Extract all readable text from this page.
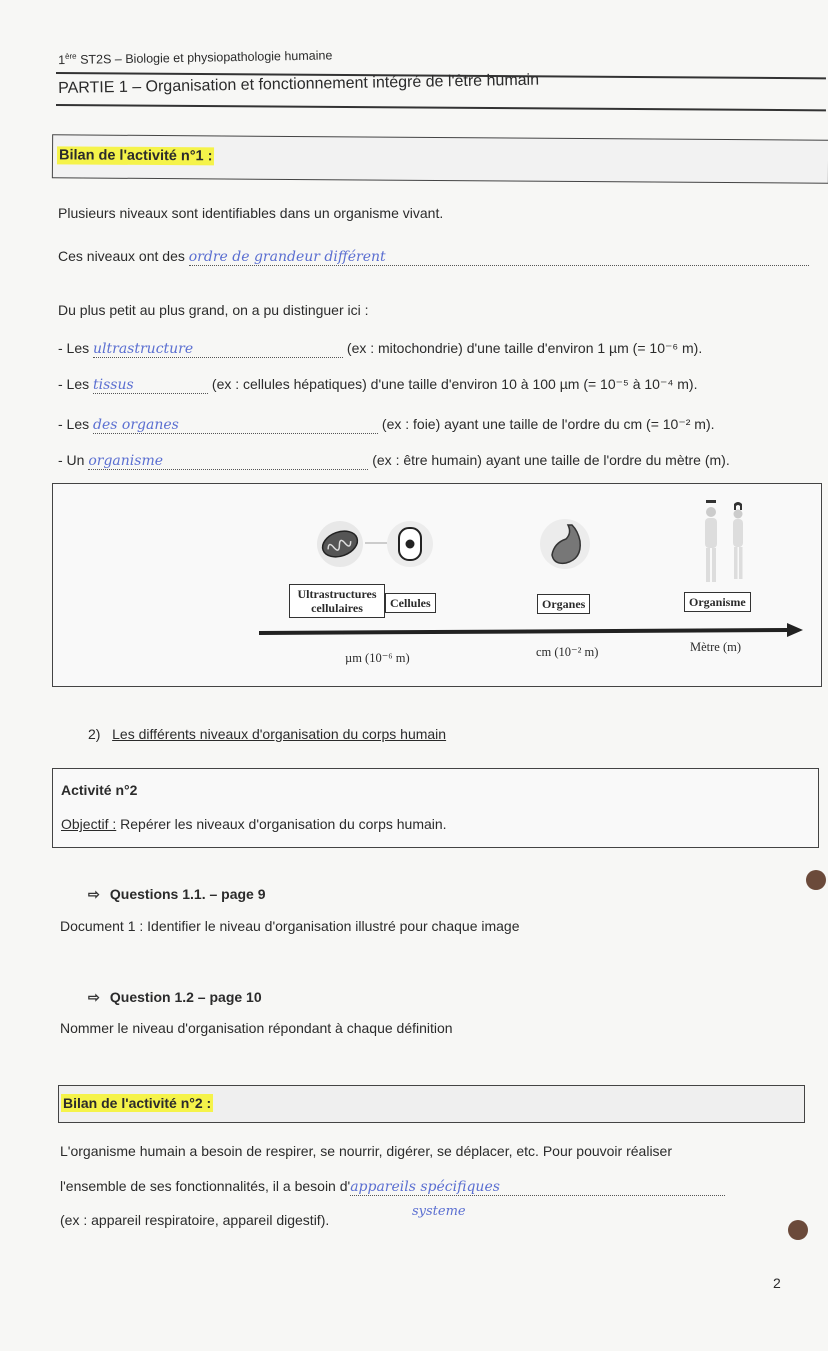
1ère ST2S – Biologie et physiopathologie humaine
PARTIE 1 – Organisation et fonctionnement intégré de l'être humain
Bilan de l'activité n°1 :
Plusieurs niveaux sont identifiables dans un organisme vivant.
Ces niveaux ont des ordre de grandeur différent
Du plus petit au plus grand, on a pu distinguer ici :
- Les ultrastructure	(ex : mitochondrie) d'une taille d'environ 1 µm (= 10⁻⁶ m).
- Les tissus	(ex : cellules hépatiques) d'une taille d'environ 10 à 100 µm (= 10⁻⁵ à 10⁻⁴ m).
- Les des organes	(ex : foie) ayant une taille de l'ordre du cm (= 10⁻² m).
- Un organisme	(ex : être humain) ayant une taille de l'ordre du mètre (m).
Ultrastructures cellulaires	Cellules	Organes	Organisme
µm (10⁻⁶ m)	cm (10⁻² m)	Mètre (m)
2) Les différents niveaux d'organisation du corps humain
Activité n°2
Objectif : Repérer les niveaux d'organisation du corps humain.
⇨ Questions 1.1. – page 9
Document 1 : Identifier le niveau d'organisation illustré pour chaque image
⇨ Question 1.2 – page 10
Nommer le niveau d'organisation répondant à chaque définition
Bilan de l'activité n°2 :
L'organisme humain a besoin de respirer, se nourrir, digérer, se déplacer, etc. Pour pouvoir réaliser
l'ensemble de ses fonctionnalités, il a besoin d'appareils spécifiques
(ex : appareil respiratoire, appareil digestif).
systeme
2
